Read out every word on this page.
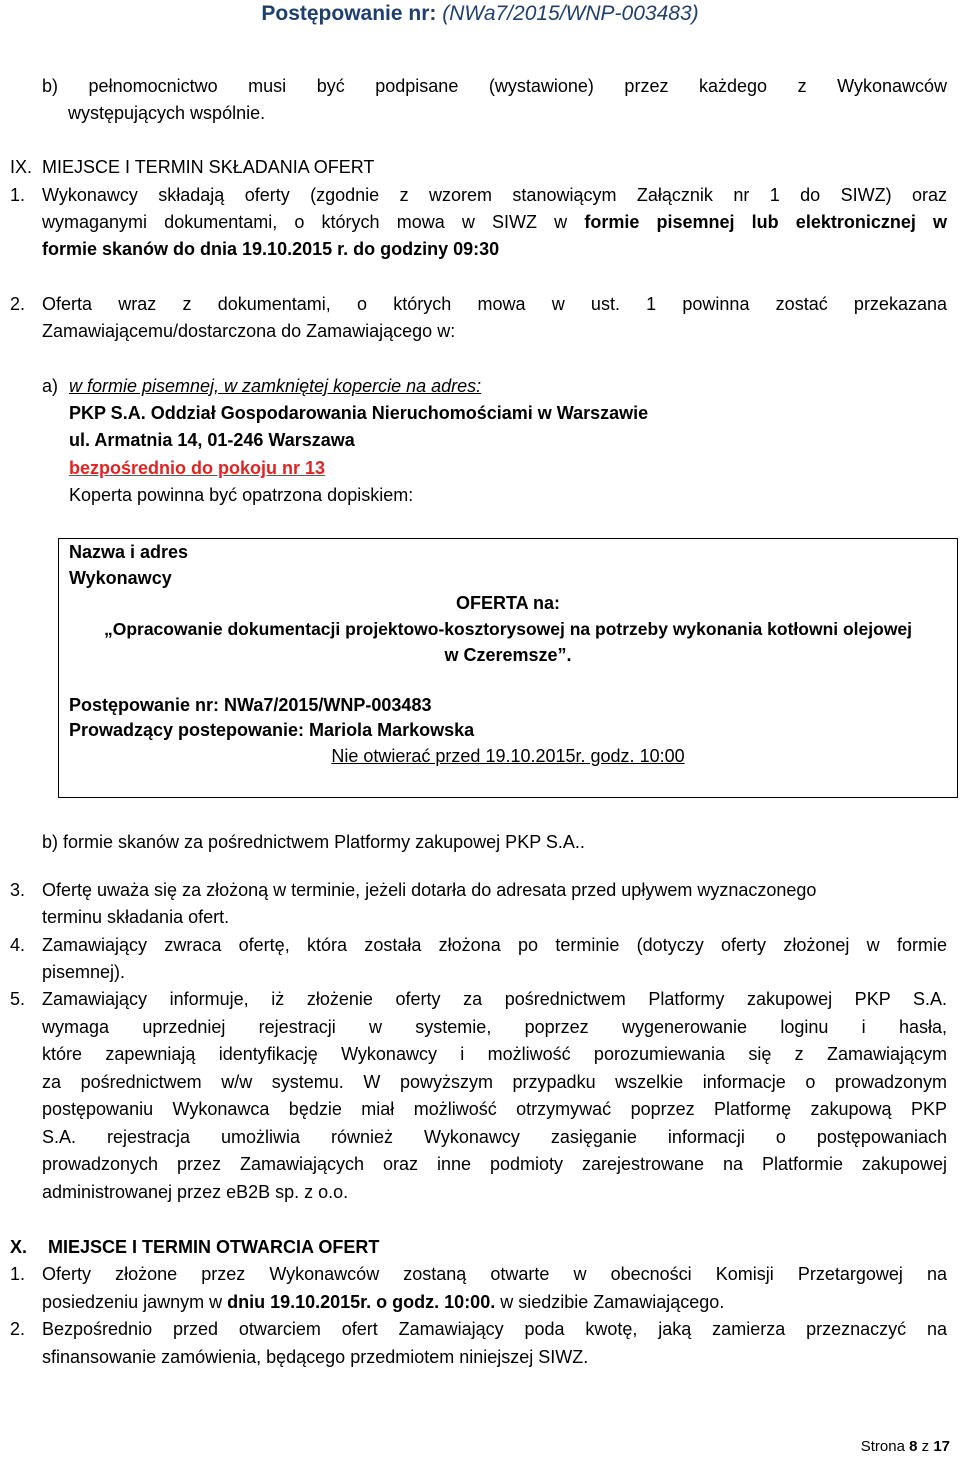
Postępowanie nr: (NWa7/2015/WNP-003483)
b) pełnomocnictwo musi być podpisane (wystawione) przez każdego z Wykonawców
występujących wspólnie.
IX. MIEJSCE I TERMIN SKŁADANIA OFERT
1. Wykonawcy składają oferty (zgodnie z wzorem stanowiącym Załącznik nr 1 do SIWZ) oraz
wymaganymi dokumentami, o których mowa w SIWZ w formie pisemnej lub elektronicznej w
formie skanów do dnia 19.10.2015 r. do godziny 09:30
2. Oferta wraz z dokumentami, o których mowa w ust. 1 powinna zostać przekazana
Zamawiającemu/dostarczona do Zamawiającego w:
a) w formie pisemnej, w zamkniętej kopercie na adres:
PKP S.A. Oddział Gospodarowania Nieruchomościami w Warszawie
ul. Armatnia 14, 01-246 Warszawa
bezpośrednio do pokoju nr 13
Koperta powinna być opatrzona dopiskiem:
Nazwa i adres
Wykonawcy
OFERTA na:
„Opracowanie dokumentacji projektowo-kosztorysowej na potrzeby wykonania kotłowni olejowej
w Czeremsze”.
Postępowanie nr: NWa7/2015/WNP-003483
Prowadzący postepowanie: Mariola Markowska
Nie otwierać przed 19.10.2015r. godz. 10:00
b) formie skanów za pośrednictwem Platformy zakupowej PKP S.A..
3. Ofertę uważa się za złożoną w terminie, jeżeli dotarła do adresata przed upływem wyznaczonego
terminu składania ofert.
4. Zamawiający zwraca ofertę, która została złożona po terminie (dotyczy oferty złożonej w formie
pisemnej).
5. Zamawiający informuje, iż złożenie oferty za pośrednictwem Platformy zakupowej PKP S.A.
wymaga uprzedniej rejestracji w systemie, poprzez wygenerowanie loginu i hasła,
które zapewniają identyfikację Wykonawcy i możliwość porozumiewania się z Zamawiającym
za pośrednictwem w/w systemu. W powyższym przypadku wszelkie informacje o prowadzonym
postępowaniu Wykonawca będzie miał możliwość otrzymywać poprzez Platformę zakupową PKP
S.A. rejestracja umożliwia również Wykonawcy zasięganie informacji o postępowaniach
prowadzonych przez Zamawiających oraz inne podmioty zarejestrowane na Platformie zakupowej
administrowanej przez eB2B sp. z o.o.
X. MIEJSCE I TERMIN OTWARCIA OFERT
1. Oferty złożone przez Wykonawców zostaną otwarte w obecności Komisji Przetargowej na
posiedzeniu jawnym w dniu 19.10.2015r. o godz. 10:00. w siedzibie Zamawiającego.
2. Bezpośrednio przed otwarciem ofert Zamawiający poda kwotę, jaką zamierza przeznaczyć na
sfinansowanie zamówienia, będącego przedmiotem niniejszej SIWZ.
Strona 8 z 17
